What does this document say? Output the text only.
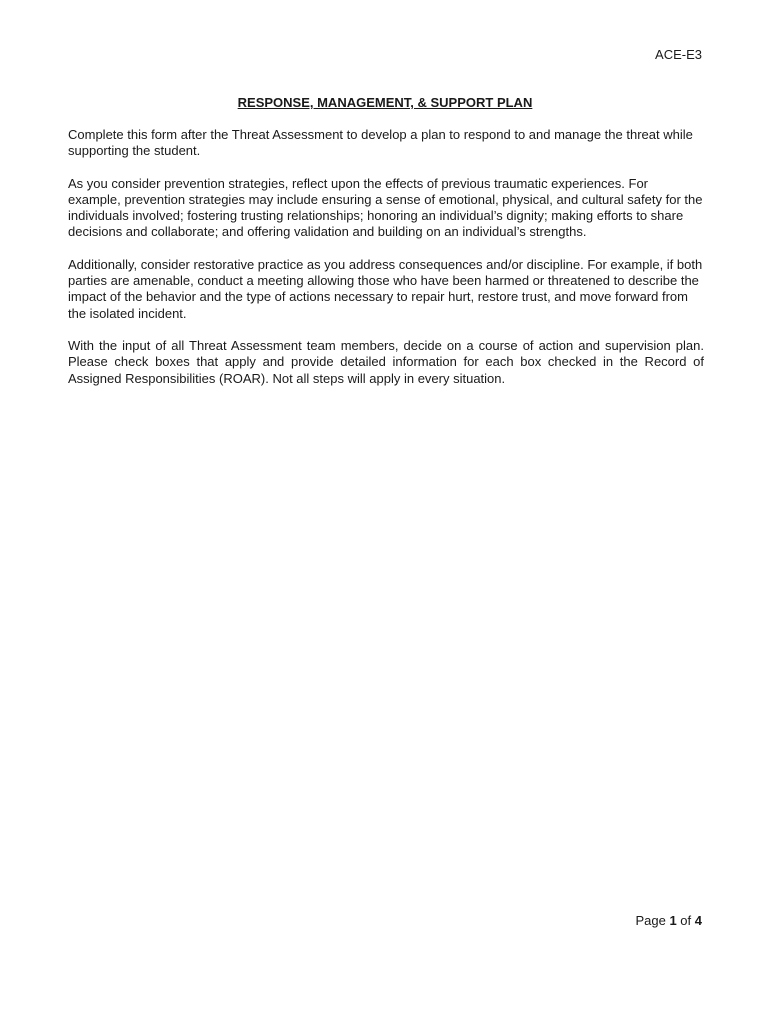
ACE-E3

RESPONSE, MANAGEMENT, & SUPPORT PLAN

Complete this form after the Threat Assessment to develop a plan to respond to and manage the threat while supporting the student.

As you consider prevention strategies, reflect upon the effects of previous traumatic experiences. For example, prevention strategies may include ensuring a sense of emotional, physical, and cultural safety for the individuals involved; fostering trusting relationships; honoring an individual’s dignity; making efforts to share decisions and collaborate; and offering validation and building on an individual’s strengths.

Additionally, consider restorative practice as you address consequences and/or discipline. For example, if both parties are amenable, conduct a meeting allowing those who have been harmed or threatened to describe the impact of the behavior and the type of actions necessary to repair hurt, restore trust, and move forward from the isolated incident.

With the input of all Threat Assessment team members, decide on a course of action and supervision plan. Please check boxes that apply and provide detailed information for each box checked in the Record of Assigned Responsibilities (ROAR). Not all steps will apply in every situation.

Page 1 of 4
